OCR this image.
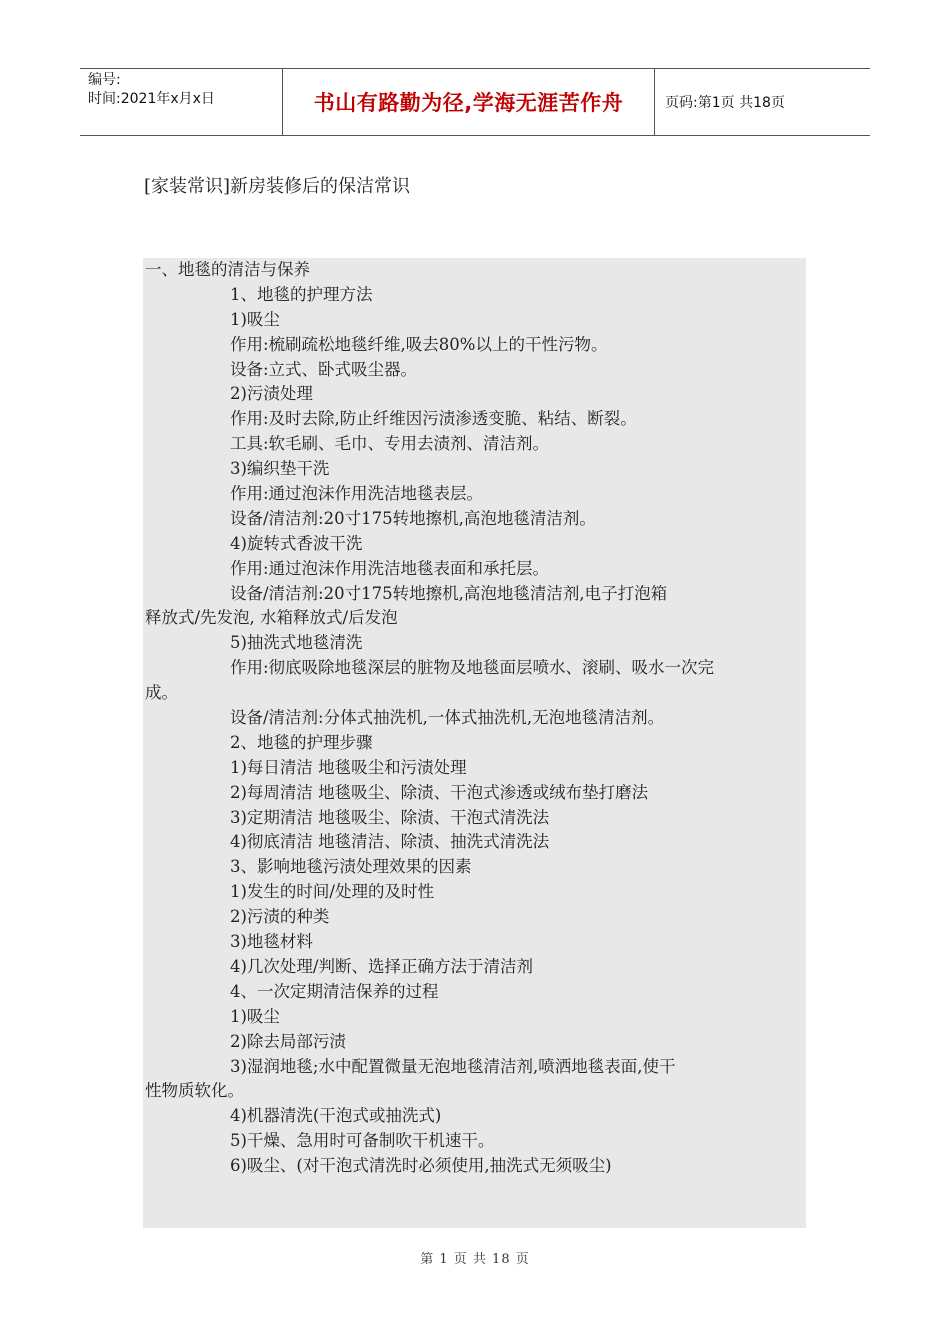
编号:
时间:2021年x月x日	书山有路勤为径,学海无涯苦作舟	页码:第1页 共18页
[家装常识]新房装修后的保洁常识
一、地毯的清洁与保养
1、地毯的护理方法
1)吸尘
作用:梳刷疏松地毯纤维,吸去80%以上的干性污物。
设备:立式、卧式吸尘器。
2)污渍处理
作用:及时去除,防止纤维因污渍渗透变脆、粘结、断裂。
工具:软毛刷、毛巾、专用去渍剂、清洁剂。
3)编织垫干洗
作用:通过泡沫作用洗洁地毯表层。
设备/清洁剂:20寸175转地擦机,高泡地毯清洁剂。
4)旋转式香波干洗
作用:通过泡沫作用洗洁地毯表面和承托层。
设备/清洁剂:20寸175转地擦机,高泡地毯清洁剂,电子打泡箱
释放式/先发泡, 水箱释放式/后发泡
5)抽洗式地毯清洗
作用:彻底吸除地毯深层的脏物及地毯面层喷水、滚刷、吸水一次完
成。
设备/清洁剂:分体式抽洗机,一体式抽洗机,无泡地毯清洁剂。
2、地毯的护理步骤
1)每日清洁 地毯吸尘和污渍处理
2)每周清洁 地毯吸尘、除渍、干泡式渗透或绒布垫打磨法
3)定期清洁 地毯吸尘、除渍、干泡式清洗法
4)彻底清洁 地毯清洁、除渍、抽洗式清洗法
3、影响地毯污渍处理效果的因素
1)发生的时间/处理的及时性
2)污渍的种类
3)地毯材料
4)几次处理/判断、选择正确方法于清洁剂
4、一次定期清洁保养的过程
1)吸尘
2)除去局部污渍
3)湿润地毯;水中配置微量无泡地毯清洁剂,喷洒地毯表面,使干
性物质软化。
4)机器清洗(干泡式或抽洗式)
5)干燥、急用时可备制吹干机速干。
6)吸尘、(对干泡式清洗时必须使用,抽洗式无须吸尘)
第 1 页 共 18 页
